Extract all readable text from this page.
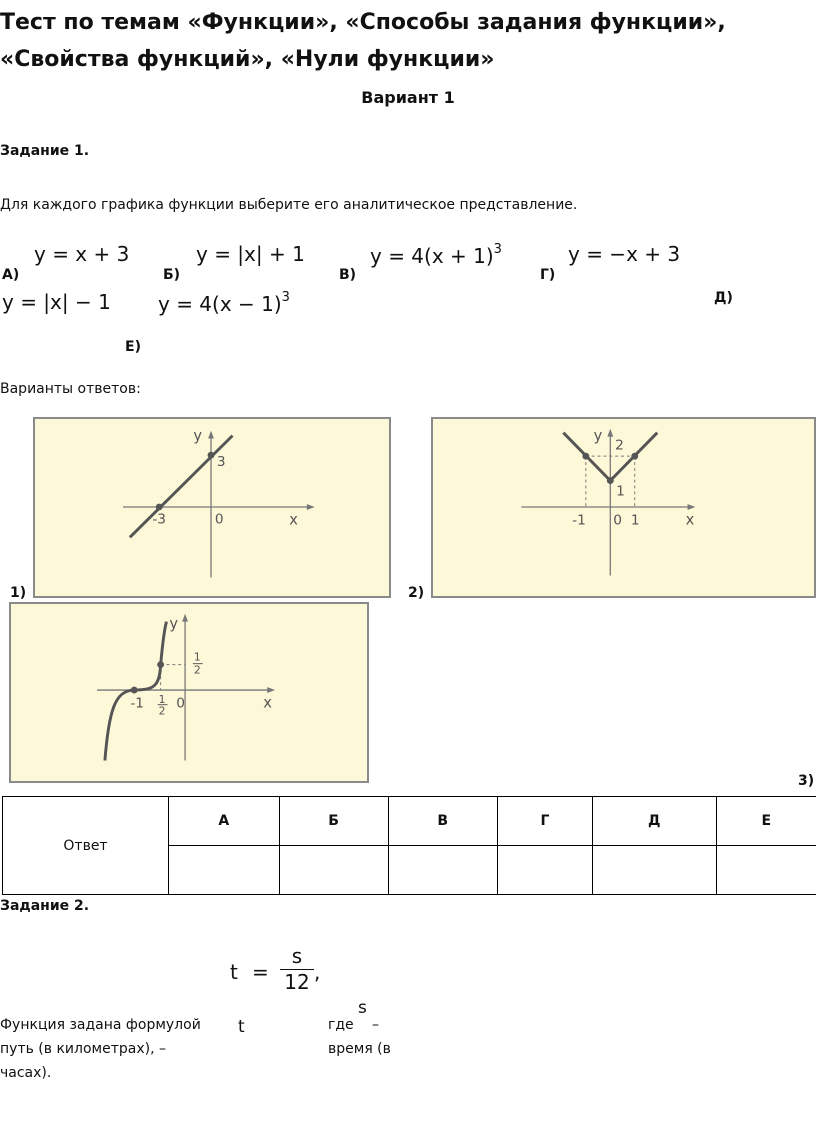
Тест по темам «Функции», «Способы задания функции»,
«Свойства функций», «Нули функции»
Вариант 1
Задание 1.
Для каждого графика функции выберите его аналитическое представление.
А)
y = x + 3
Б)
y = |x| + 1
В)
$y = 4(x + 1)^3$
Г)
y = −x + 3
y = |x| − 1 $y = 4(x - 1)^3$	Д)
Е)
Варианты ответов:
x
y
-3	0
3
1)
x
y
-1 0 1
2
1
2)
x
y
-1 0
1
2
1
2
3)
Ответ	А	Б	В	Г	Д	Е

Задание 2.
$t = \frac{s}{12}$ ,
Функция задана формулой t	где
s
–
путь (в километрах), –	время (в
часах).
